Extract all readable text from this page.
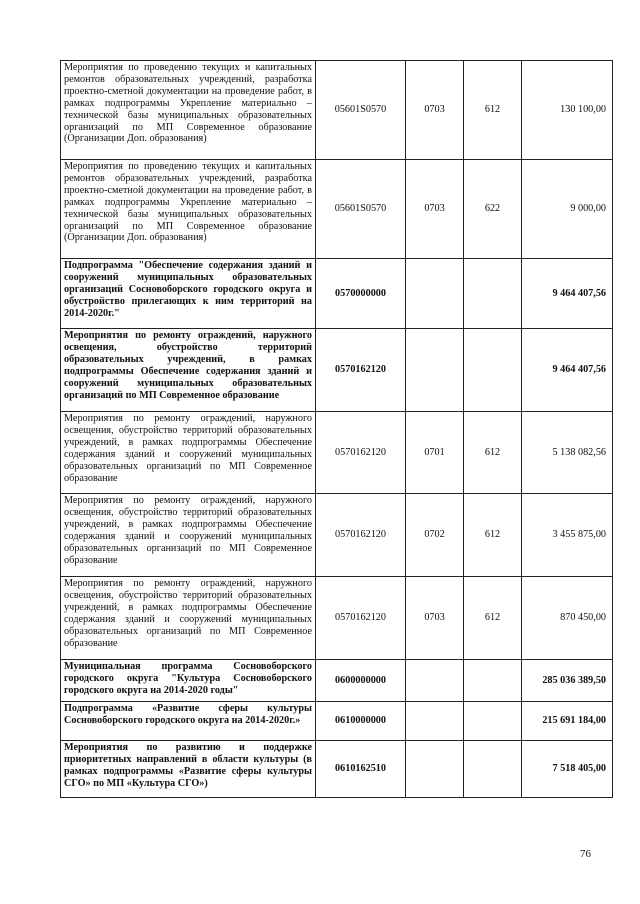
Мероприятия по проведению текущих и капитальных ремонтов образовательных учреждений, разработка проектно-сметной документации на проведение работ, в рамках подпрограммы Укрепление материально – технической базы муниципальных образовательных организаций по МП Современное образование (Организации Доп. образования)	05601S0570	0703	612	130 100,00
Мероприятия по проведению текущих и капитальных ремонтов образовательных учреждений, разработка проектно-сметной документации на проведение работ, в рамках подпрограммы Укрепление материально – технической базы муниципальных образовательных организаций по МП Современное образование (Организации Доп. образования)	05601S0570	0703	622	9 000,00
Подпрограмма "Обеспечение содержания зданий и сооружений муниципальных образовательных организаций Сосновоборского городского округа и обустройство прилегающих к ним территорий на 2014-2020г."	0570000000			9 464 407,56
Мероприятия по ремонту ограждений, наружного освещения, обустройство территорий образовательных учреждений, в рамках подпрограммы Обеспечение содержания зданий и сооружений муниципальных образовательных организаций по МП Современное образование	0570162120			9 464 407,56
Мероприятия по ремонту ограждений, наружного освещения, обустройство территорий образовательных учреждений, в рамках подпрограммы Обеспечение содержания зданий и сооружений муниципальных образовательных организаций по МП Современное образование	0570162120	0701	612	5 138 082,56
Мероприятия по ремонту ограждений, наружного освещения, обустройство территорий образовательных учреждений, в рамках подпрограммы Обеспечение содержания зданий и сооружений муниципальных образовательных организаций по МП Современное образование	0570162120	0702	612	3 455 875,00
Мероприятия по ремонту ограждений, наружного освещения, обустройство территорий образовательных учреждений, в рамках подпрограммы Обеспечение содержания зданий и сооружений муниципальных образовательных организаций по МП Современное образование	0570162120	0703	612	870 450,00
Муниципальная программа Сосновоборского городского округа "Культура Сосновоборского городского округа на 2014-2020 годы"	0600000000			285 036 389,50
Подпрограмма «Развитие сферы культуры Сосновоборского городского округа на 2014-2020г.»	0610000000			215 691 184,00
Мероприятия по развитию и поддержке приоритетных направлений в области культуры (в рамках подпрограммы «Развитие сферы культуры СГО» по МП «Культура СГО»)	0610162510			7 518 405,00
76
